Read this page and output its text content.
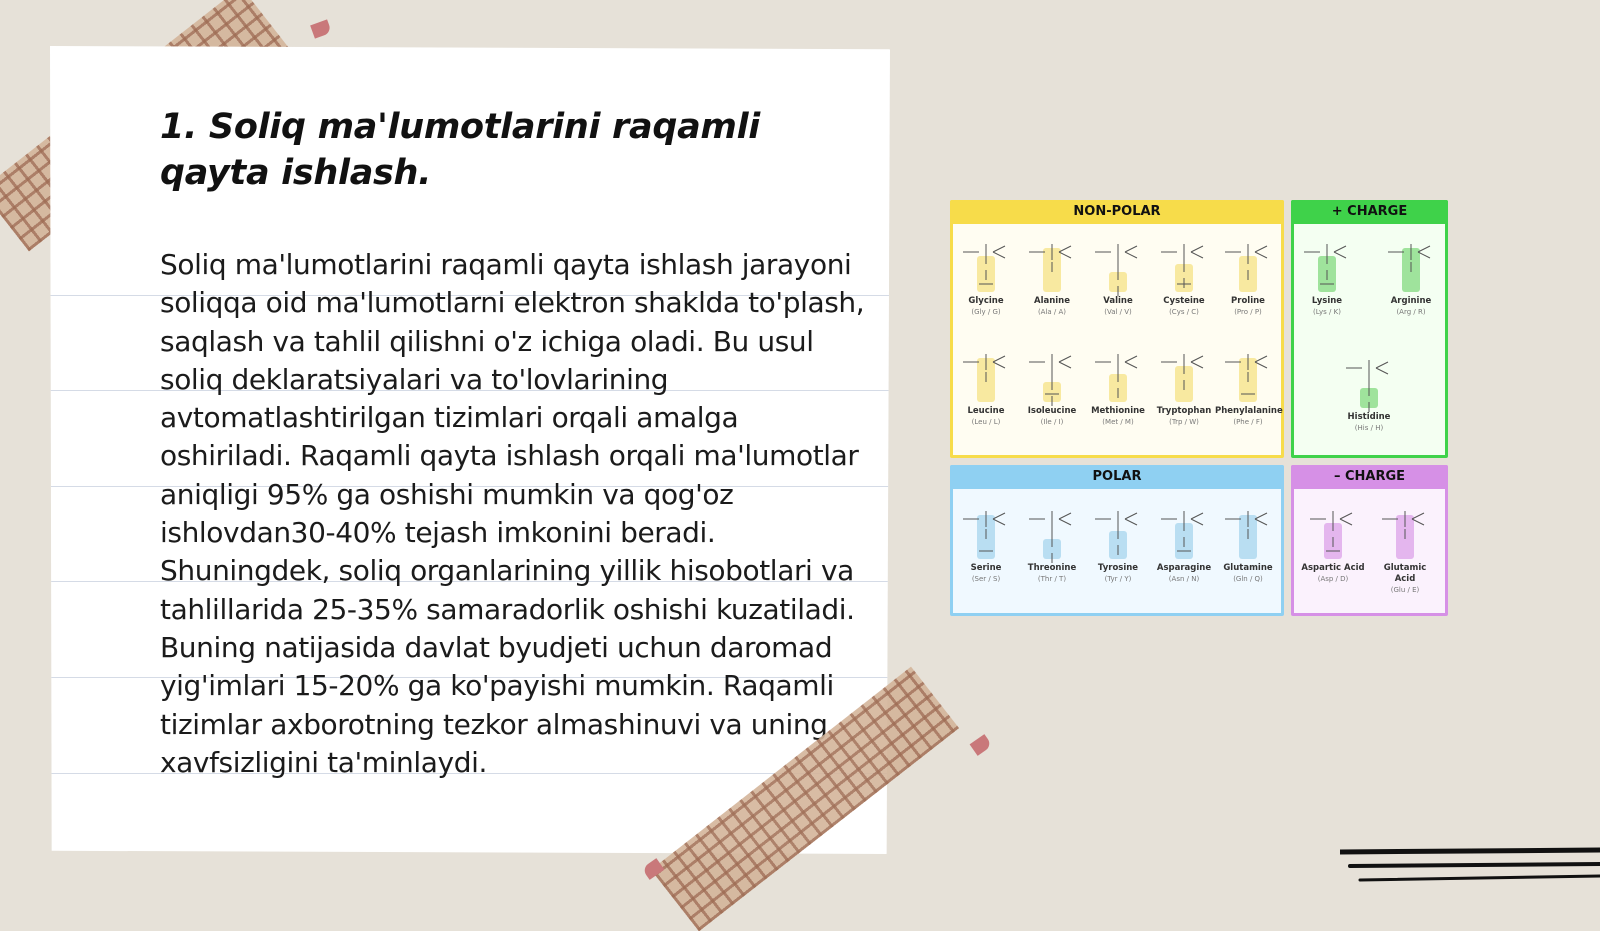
1. Soliq ma'lumotlarini raqamli qayta ishlash.

Soliq ma'lumotlarini raqamli qayta ishlash jarayoni soliqqa oid ma'lumotlarni elektron shaklda to'plash, saqlash va tahlil qilishni o'z ichiga oladi. Bu usul soliq deklaratsiyalari va to'lovlarining avtomatlashtirilgan tizimlari orqali amalga oshiriladi. Raqamli qayta ishlash orqali ma'lumotlar aniqligi 95% ga oshishi mumkin va qog'oz ishlovdan30-40% tejash imkonini beradi. Shuningdek, soliq organlarining yillik hisobotlari va tahlillarida 25-35% samaradorlik oshishi kuzatiladi. Buning natijasida davlat byudjeti uchun daromad yig'imlari 15-20% ga ko'payishi mumkin. Raqamli tizimlar axborotning tezkor almashinuvi va uning xavfsizligini ta'minlaydi.

NON-POLAR
Glycine
(Gly / G)
Alanine
(Ala / A)
Valine
(Val / V)
Cysteine
(Cys / C)
Proline
(Pro / P)
Leucine
(Leu / L)
Isoleucine
(Ile / I)
Methionine
(Met / M)
Tryptophan
(Trp / W)
Phenylalanine
(Phe / F)
+ CHARGE
Lysine
(Lys / K)
Arginine
(Arg / R)
Histidine
(His / H)
POLAR
Serine
(Ser / S)
Threonine
(Thr / T)
Tyrosine
(Tyr / Y)
Asparagine
(Asn / N)
Glutamine
(Gln / Q)
– CHARGE
Aspartic Acid
(Asp / D)
Glutamic Acid
(Glu / E)
